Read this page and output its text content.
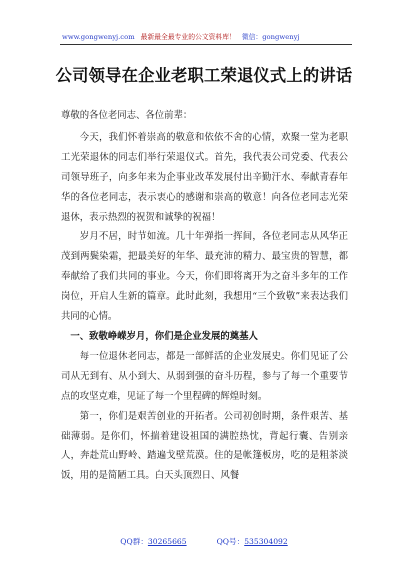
www.gongwenyj.com 最新最全最专业的公文资料库！ 微信：gongwenyj
公司领导在企业老职工荣退仪式上的讲话

尊敬的各位老同志、各位前辈：

今天，我们怀着崇高的敬意和依依不舍的心情，欢聚一堂为老职工光荣退休的同志们举行荣退仪式。首先，我代表公司党委、代表公司领导班子，向多年来为企事业改革发展付出辛勤汗水、奉献青春年华的各位老同志，表示衷心的感谢和崇高的敬意！向各位老同志光荣退休，表示热烈的祝贺和诚挚的祝福！

岁月不居，时节如流。几十年弹指一挥间，各位老同志从风华正茂到两鬓染霜，把最美好的年华、最充沛的精力、最宝贵的智慧，都奉献给了我们共同的事业。今天，你们即将离开为之奋斗多年的工作岗位，开启人生新的篇章。此时此刻，我想用“三个致敬”来表达我们共同的心情。

一、致敬峥嵘岁月，你们是企业发展的奠基人

每一位退休老同志，都是一部鲜活的企业发展史。你们见证了公司从无到有、从小到大、从弱到强的奋斗历程，参与了每一个重要节点的攻坚克难，见证了每一个里程碑的辉煌时刻。

第一，你们是艰苦创业的开拓者。公司初创时期，条件艰苦、基础薄弱。是你们，怀揣着建设祖国的满腔热忱，背起行囊、告别亲人，奔赴荒山野岭、踏遍戈壁荒漠。住的是帐篷板房，吃的是粗茶淡饭，用的是简陋工具。白天头顶烈日、风餐

QQ群：30265665	QQ号：535304092
